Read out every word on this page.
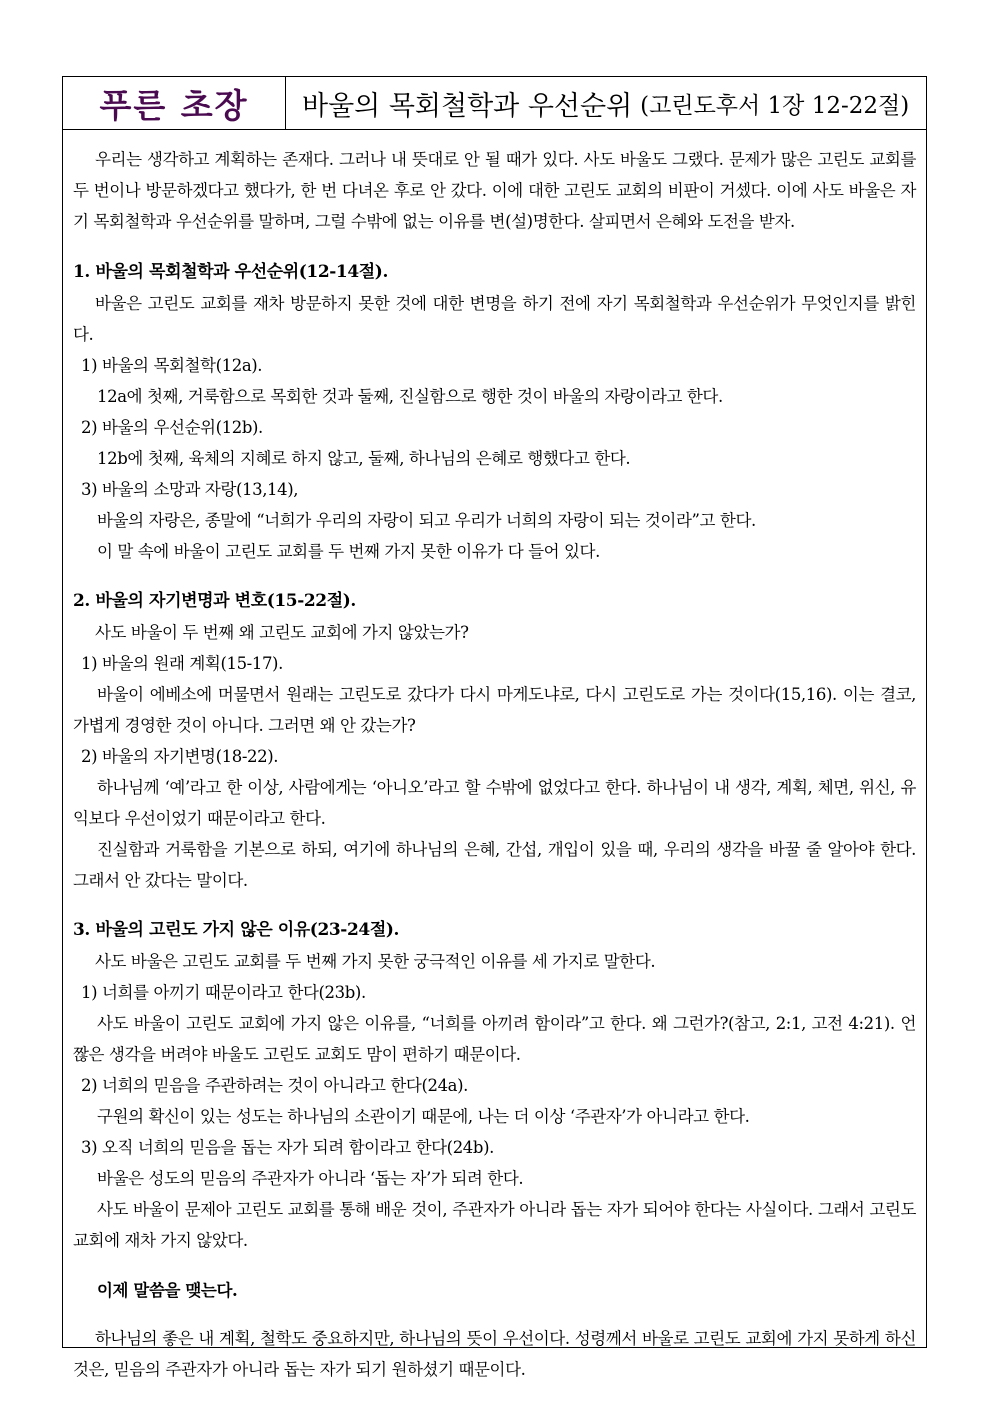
푸른 초장	바울의 목회철학과 우선순위 (고린도후서 1장 12-22절)

우리는 생각하고 계획하는 존재다. 그러나 내 뜻대로 안 될 때가 있다. 사도 바울도 그랬다. 문제가 많은 고린도 교회를 두 번이나 방문하겠다고 했다가, 한 번 다녀온 후로 안 갔다. 이에 대한 고린도 교회의 비판이 거셌다. 이에 사도 바울은 자기 목회철학과 우선순위를 말하며, 그럴 수밖에 없는 이유를 변(설)명한다. 살피면서 은혜와 도전을 받자.

1. 바울의 목회철학과 우선순위(12-14절).

바울은 고린도 교회를 재차 방문하지 못한 것에 대한 변명을 하기 전에 자기 목회철학과 우선순위가 무엇인지를 밝힌다.

1) 바울의 목회철학(12a).

12a에 첫째, 거룩함으로 목회한 것과 둘째, 진실함으로 행한 것이 바울의 자랑이라고 한다.

2) 바울의 우선순위(12b).

12b에 첫째, 육체의 지혜로 하지 않고, 둘째, 하나님의 은혜로 행했다고 한다.

3) 바울의 소망과 자랑(13,14),

바울의 자랑은, 종말에 “너희가 우리의 자랑이 되고 우리가 너희의 자랑이 되는 것이라”고 한다.

이 말 속에 바울이 고린도 교회를 두 번째 가지 못한 이유가 다 들어 있다.

2. 바울의 자기변명과 변호(15-22절).

사도 바울이 두 번째 왜 고린도 교회에 가지 않았는가?

1) 바울의 원래 계획(15-17).

바울이 에베소에 머물면서 원래는 고린도로 갔다가 다시 마게도냐로, 다시 고린도로 가는 것이다(15,16). 이는 결코, 가볍게 경영한 것이 아니다. 그러면 왜 안 갔는가?

2) 바울의 자기변명(18-22).

하나님께 ‘예’라고 한 이상, 사람에게는 ‘아니오’라고 할 수밖에 없었다고 한다. 하나님이 내 생각, 계획, 체면, 위신, 유익보다 우선이었기 때문이라고 한다.

진실함과 거룩함을 기본으로 하되, 여기에 하나님의 은혜, 간섭, 개입이 있을 때, 우리의 생각을 바꿀 줄 알아야 한다. 그래서 안 갔다는 말이다.

3. 바울의 고린도 가지 않은 이유(23-24절).

사도 바울은 고린도 교회를 두 번째 가지 못한 궁극적인 이유를 세 가지로 말한다.

1) 너희를 아끼기 때문이라고 한다(23b).

사도 바울이 고린도 교회에 가지 않은 이유를, “너희를 아끼려 함이라”고 한다. 왜 그런가?(참고, 2:1, 고전 4:21). 언짢은 생각을 버려야 바울도 고린도 교회도 맘이 편하기 때문이다.

2) 너희의 믿음을 주관하려는 것이 아니라고 한다(24a).

구원의 확신이 있는 성도는 하나님의 소관이기 때문에, 나는 더 이상 ‘주관자’가 아니라고 한다.

3) 오직 너희의 믿음을 돕는 자가 되려 함이라고 한다(24b).

바울은 성도의 믿음의 주관자가 아니라 ‘돕는 자’가 되려 한다.

사도 바울이 문제아 고린도 교회를 통해 배운 것이, 주관자가 아니라 돕는 자가 되어야 한다는 사실이다. 그래서 고린도 교회에 재차 가지 않았다.

이제 말씀을 맺는다.

하나님의 좋은 내 계획, 철학도 중요하지만, 하나님의 뜻이 우선이다. 성령께서 바울로 고린도 교회에 가지 못하게 하신 것은, 믿음의 주관자가 아니라 돕는 자가 되기 원하셨기 때문이다.
